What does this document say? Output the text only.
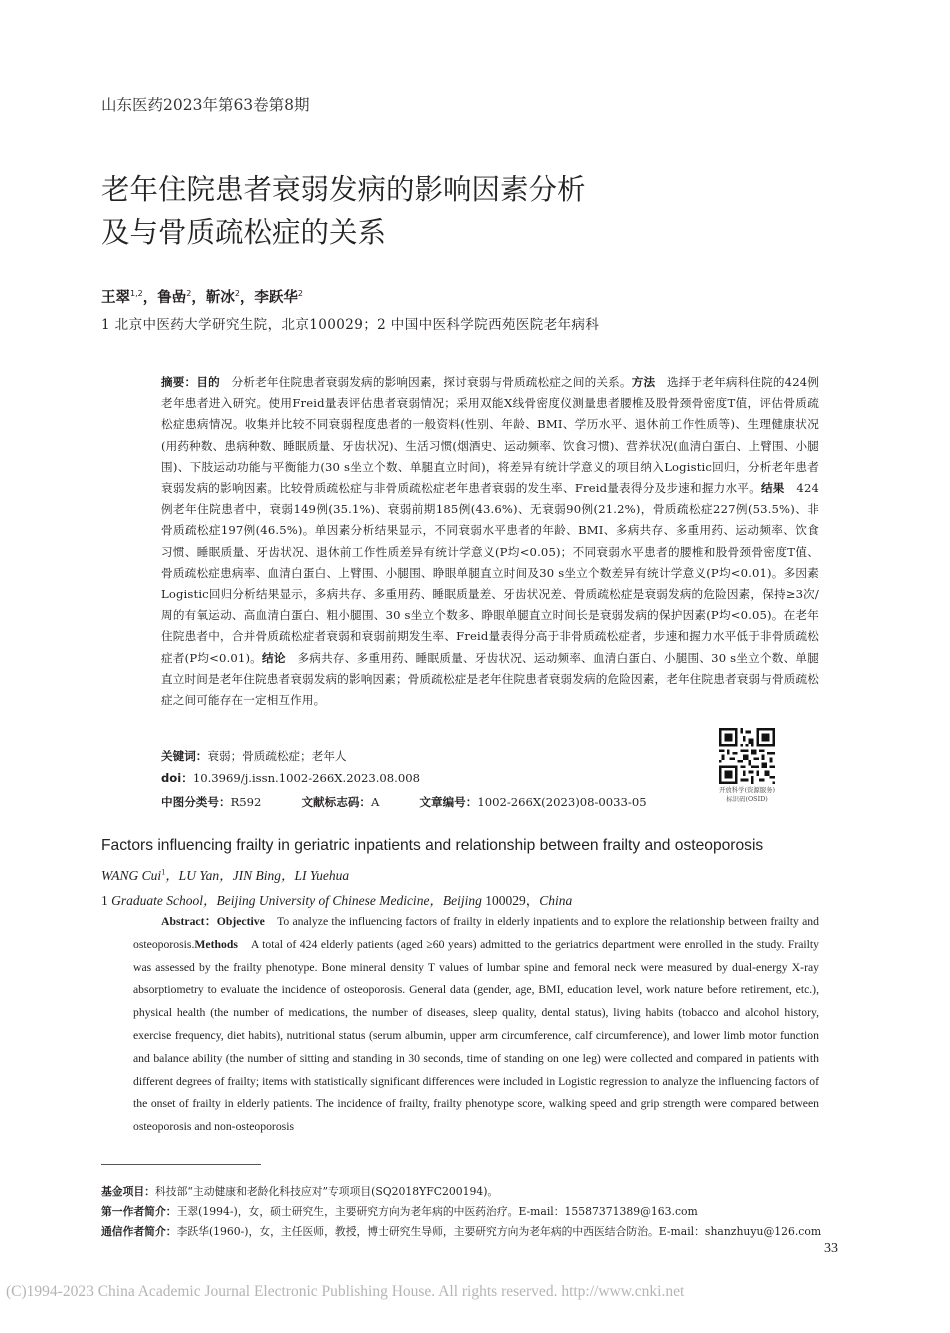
山东医药2023年第63卷第8期
老年住院患者衰弱发病的影响因素分析
及与骨质疏松症的关系
王翠$^{1,2}$，鲁嵒$^2$，靳冰$^2$，李跃华$^2$
1 北京中医药大学研究生院，北京100029；2 中国中医科学院西苑医院老年病科
摘要：目的　分析老年住院患者衰弱发病的影响因素，探讨衰弱与骨质疏松症之间的关系。方法　选择于老年病科住院的424例老年患者进入研究。使用Freid量表评估患者衰弱情况；采用双能X线骨密度仪测量患者腰椎及股骨颈骨密度T值，评估骨质疏松症患病情况。收集并比较不同衰弱程度患者的一般资料(性别、年龄、BMI、学历水平、退休前工作性质等)、生理健康状况(用药种数、患病种数、睡眠质量、牙齿状况)、生活习惯(烟酒史、运动频率、饮食习惯)、营养状况(血清白蛋白、上臂围、小腿围)、下肢运动功能与平衡能力(30 s坐立个数、单腿直立时间)，将差异有统计学意义的项目纳入Logistic回归，分析老年患者衰弱发病的影响因素。比较骨质疏松症与非骨质疏松症老年患者衰弱的发生率、Freid量表得分及步速和握力水平。结果　424例老年住院患者中，衰弱149例(35.1%)、衰弱前期185例(43.6%)、无衰弱90例(21.2%)，骨质疏松症227例(53.5%)、非骨质疏松症197例(46.5%)。单因素分析结果显示，不同衰弱水平患者的年龄、BMI、多病共存、多重用药、运动频率、饮食习惯、睡眠质量、牙齿状况、退休前工作性质差异有统计学意义(P均<0.05)；不同衰弱水平患者的腰椎和股骨颈骨密度T值、骨质疏松症患病率、血清白蛋白、上臂围、小腿围、睁眼单腿直立时间及30 s坐立个数差异有统计学意义(P均<0.01)。多因素Logistic回归分析结果显示，多病共存、多重用药、睡眠质量差、牙齿状况差、骨质疏松症是衰弱发病的危险因素，保持≥3次/周的有氧运动、高血清白蛋白、粗小腿围、30 s坐立个数多、睁眼单腿直立时间长是衰弱发病的保护因素(P均<0.05)。在老年住院患者中，合并骨质疏松症者衰弱和衰弱前期发生率、Freid量表得分高于非骨质疏松症者，步速和握力水平低于非骨质疏松症者(P均<0.01)。结论　多病共存、多重用药、睡眠质量、牙齿状况、运动频率、血清白蛋白、小腿围、30 s坐立个数、单腿直立时间是老年住院患者衰弱发病的影响因素；骨质疏松症是老年住院患者衰弱发病的危险因素，老年住院患者衰弱与骨质疏松症之间可能存在一定相互作用。
关键词：衰弱；骨质疏松症；老年人
doi：10.3969/j.issn.1002-266X.2023.08.008
中图分类号：R592	文献标志码：A	文章编号：1002-266X(2023)08-0033-05
开放科学(资源服务)
标识码(OSID)
Factors influencing frailty in geriatric inpatients and relationship between frailty and osteoporosis
WANG Cui$^1$，LU Yan，JIN Bing，LI Yuehua
1 Graduate School，Beijing University of Chinese Medicine，Beijing 100029，China
Abstract：Objective　To analyze the influencing factors of frailty in elderly inpatients and to explore the relationship between frailty and osteoporosis.Methods　A total of 424 elderly patients (aged ≥60 years) admitted to the geriatrics department were enrolled in the study. Frailty was assessed by the frailty phenotype. Bone mineral density T values of lumbar spine and femoral neck were measured by dual-energy X-ray absorptiometry to evaluate the incidence of osteoporosis. General data (gender, age, BMI, education level, work nature before retirement, etc.), physical health (the number of medications, the number of diseases, sleep quality, dental status), living habits (tobacco and alcohol history, exercise frequency, diet habits), nutritional status (serum albumin, upper arm circumference, calf circumference), and lower limb motor function and balance ability (the number of sitting and standing in 30 seconds, time of standing on one leg) were collected and compared in patients with different degrees of frailty; items with statistically significant differences were included in Logistic regression to analyze the influencing factors of the onset of frailty in elderly patients. The incidence of frailty, frailty phenotype score, walking speed and grip strength were compared between osteoporosis and non-osteoporosis
基金项目：科技部“主动健康和老龄化科技应对”专项项目(SQ2018YFC200194)。
第一作者简介：王翠(1994-)，女，硕士研究生，主要研究方向为老年病的中医药治疗。E-mail：15587371389@163.com
通信作者简介：李跃华(1960-)，女，主任医师，教授，博士研究生导师，主要研究方向为老年病的中西医结合防治。E-mail：shanzhuyu@126.com
33
(C)1994-2023 China Academic Journal Electronic Publishing House. All rights reserved. http://www.cnki.net
